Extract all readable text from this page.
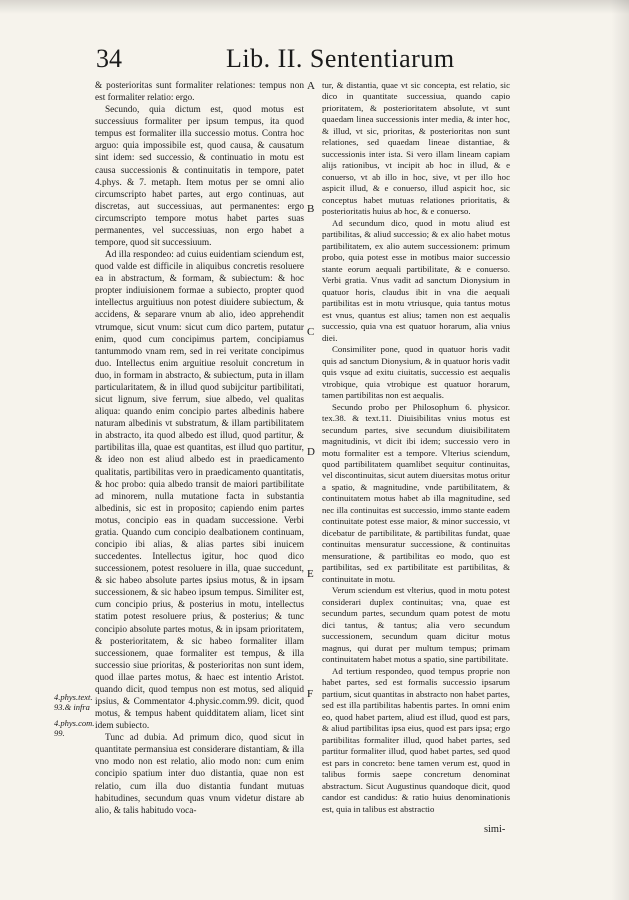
34	Lib. II. Sententiarum

& posterioritas sunt formaliter relationes: tempus non est formaliter relatio: ergo.

Secundo, quia dictum est, quod motus est successiuus formaliter per ipsum tempus, ita quod tempus est formaliter illa successio motus. Contra hoc arguo: quia impossibile est, quod causa, & causatum sint idem: sed successio, & continuatio in motu est causa successionis & continuitatis in tempore, patet 4.phys. & 7. metaph. Item motus per se omni alio circumscripto habet partes, aut ergo continuas, aut discretas, aut successiuas, aut permanentes: ergo circumscripto tempore motus habet partes suas permanentes, vel successiuas, non ergo habet a tempore, quod sit successiuum.

Ad illa respondeo: ad cuius euidentiam sciendum est, quod valde est difficile in aliquibus concretis resoluere ea in abstractum, & formam, & subiectum: & hoc propter indiuisionem formae a subiecto, propter quod intellectus arguitiuus non potest diuidere subiectum, & accidens, & separare vnum ab alio, ideo apprehendit vtrumque, sicut vnum: sicut cum dico partem, putatur enim, quod cum concipimus partem, concipiamus tantummodo vnam rem, sed in rei veritate concipimus duo. Intellectus enim arguitiue resoluit concretum in duo, in formam in abstracto, & subiectum, puta in illam particularitatem, & in illud quod subijcitur partibilitati, sicut lignum, sive ferrum, siue albedo, vel qualitas aliqua: quando enim concipio partes albedinis habere naturam albedinis vt substratum, & illam partibilitatem in abstracto, ita quod albedo est illud, quod partitur, & partibilitas illa, quae est quantitas, est illud quo partitur, & ideo non est aliud albedo est in praedicamento qualitatis, partibilitas vero in praedicamento quantitatis, & hoc probo: quia albedo transit de maiori partibilitate ad minorem, nulla mutatione facta in substantia albedinis, sic est in proposito; capiendo enim partes motus, concipio eas in quadam successione. Verbi gratia. Quando cum concipio dealbationem continuam, concipio ibi alias, & alias partes sibi inuicem succedentes. Intellectus igitur, hoc quod dico successionem, potest resoluere in illa, quae succedunt, & sic habeo absolute partes ipsius motus, & in ipsam successionem, & sic habeo ipsum tempus. Similiter est, cum concipio prius, & posterius in motu, intellectus statim potest resoluere prius, & posterius; & tunc concipio absolute partes motus, & in ipsam prioritatem, & posterioritatem, & sic habeo formaliter illam successionem, quae formaliter est tempus, & illa successio siue prioritas, & posterioritas non sunt idem, quod illae partes motus, & haec est intentio Aristot. quando dicit, quod tempus non est motus, sed aliquid ipsius, & Commentator 4.physic.comm.99. dicit, quod motus, & tempus habent quidditatem aliam, licet sint idem subiecto.

Tunc ad dubia. Ad primum dico, quod sicut in quantitate permansiua est considerare distantiam, & illa vno modo non est relatio, alio modo non: cum enim concipio spatium inter duo distantia, quae non est relatio, cum illa duo distantia fundant mutuas habitudines, secundum quas vnum videtur distare ab alio, & talis habitudo voca-

A
B
C
D
E
F

tur, & distantia, quae vt sic concepta, est relatio, sic dico in quantitate successiua, quando capio prioritatem, & posterioritatem absolute, vt sunt quaedam linea successionis inter media, & inter hoc, & illud, vt sic, prioritas, & posterioritas non sunt relationes, sed quaedam lineae distantiae, & successionis inter ista. Si vero illam lineam capiam alijs rationibus, vt incipit ab hoc in illud, & e conuerso, vt ab illo in hoc, sive, vt per illo hoc aspicit illud, & e conuerso, illud aspicit hoc, sic conceptus habet mutuas relationes prioritatis, & posterioritatis huius ab hoc, & e conuerso.

Ad secundum dico, quod in motu aliud est partibilitas, & aliud successio; & ex alio habet motus partibilitatem, ex alio autem successionem: primum probo, quia potest esse in motibus maior successio stante eorum aequali partibilitate, & e conuerso. Verbi gratia. Vnus vadit ad sanctum Dionysium in quatuor horis, claudus ibit in vna die aequali partibilitas est in motu vtriusque, quia tantus motus est vnus, quantus est alius; tamen non est aequalis successio, quia vna est quatuor horarum, alia vnius diei.

Consimiliter pone, quod in quatuor horis vadit quis ad sanctum Dionysium, & in quatuor horis vadit quis vsque ad exitu ciuitatis, successio est aequalis vtrobique, quia vtrobique est quatuor horarum, tamen partibilitas non est aequalis.

Secundo probo per Philosophum 6. physicor. tex.38. & text.11. Diuisibilitas vnius motus est secundum partes, sive secundum diuisibilitatem magnitudinis, vt dicit ibi idem; successio vero in motu formaliter est a tempore. Vlterius sciendum, quod partibilitatem quamlibet sequitur continuitas, vel discontinuitas, sicut autem diuersitas motus oritur a spatio, & magnitudine, vnde partibilitatem, & continuitatem motus habet ab illa magnitudine, sed nec illa continuitas est successio, immo stante eadem continuitate potest esse maior, & minor successio, vt dicebatur de partibilitate, & partibilitas fundat, quae continuitas mensuratur successione, & continuitas mensuratione, & partibilitas eo modo, quo est partibilitas, sed ex partibilitate est partibilitas, & continuitate in motu.

Verum sciendum est vlterius, quod in motu potest considerari duplex continuitas; vna, quae est secundum partes, secundum quam potest de motu dici tantus, & tantus; alia vero secundum successionem, secundum quam dicitur motus magnus, qui durat per multum tempus; primam continuitatem habet motus a spatio, sine partibilitate.

Ad tertium respondeo, quod tempus proprie non habet partes, sed est formalis successio ipsarum partium, sicut quantitas in abstracto non habet partes, sed est illa partibilitas habentis partes. In omni enim eo, quod habet partem, aliud est illud, quod est pars, & aliud partibilitas ipsa eius, quod est pars ipsa; ergo partibilitas formaliter illud, quod habet partes, sed partitur formaliter illud, quod habet partes, sed quod est pars in concreto: bene tamen verum est, quod in talibus formis saepe concretum denominat abstractum. Sicut Augustinus quandoque dicit, quod candor est candidus: & ratio huius denominationis est, quia in talibus est abstractio

4.phys.text. 93.& infra
4.phys.com. 99.
simi-
